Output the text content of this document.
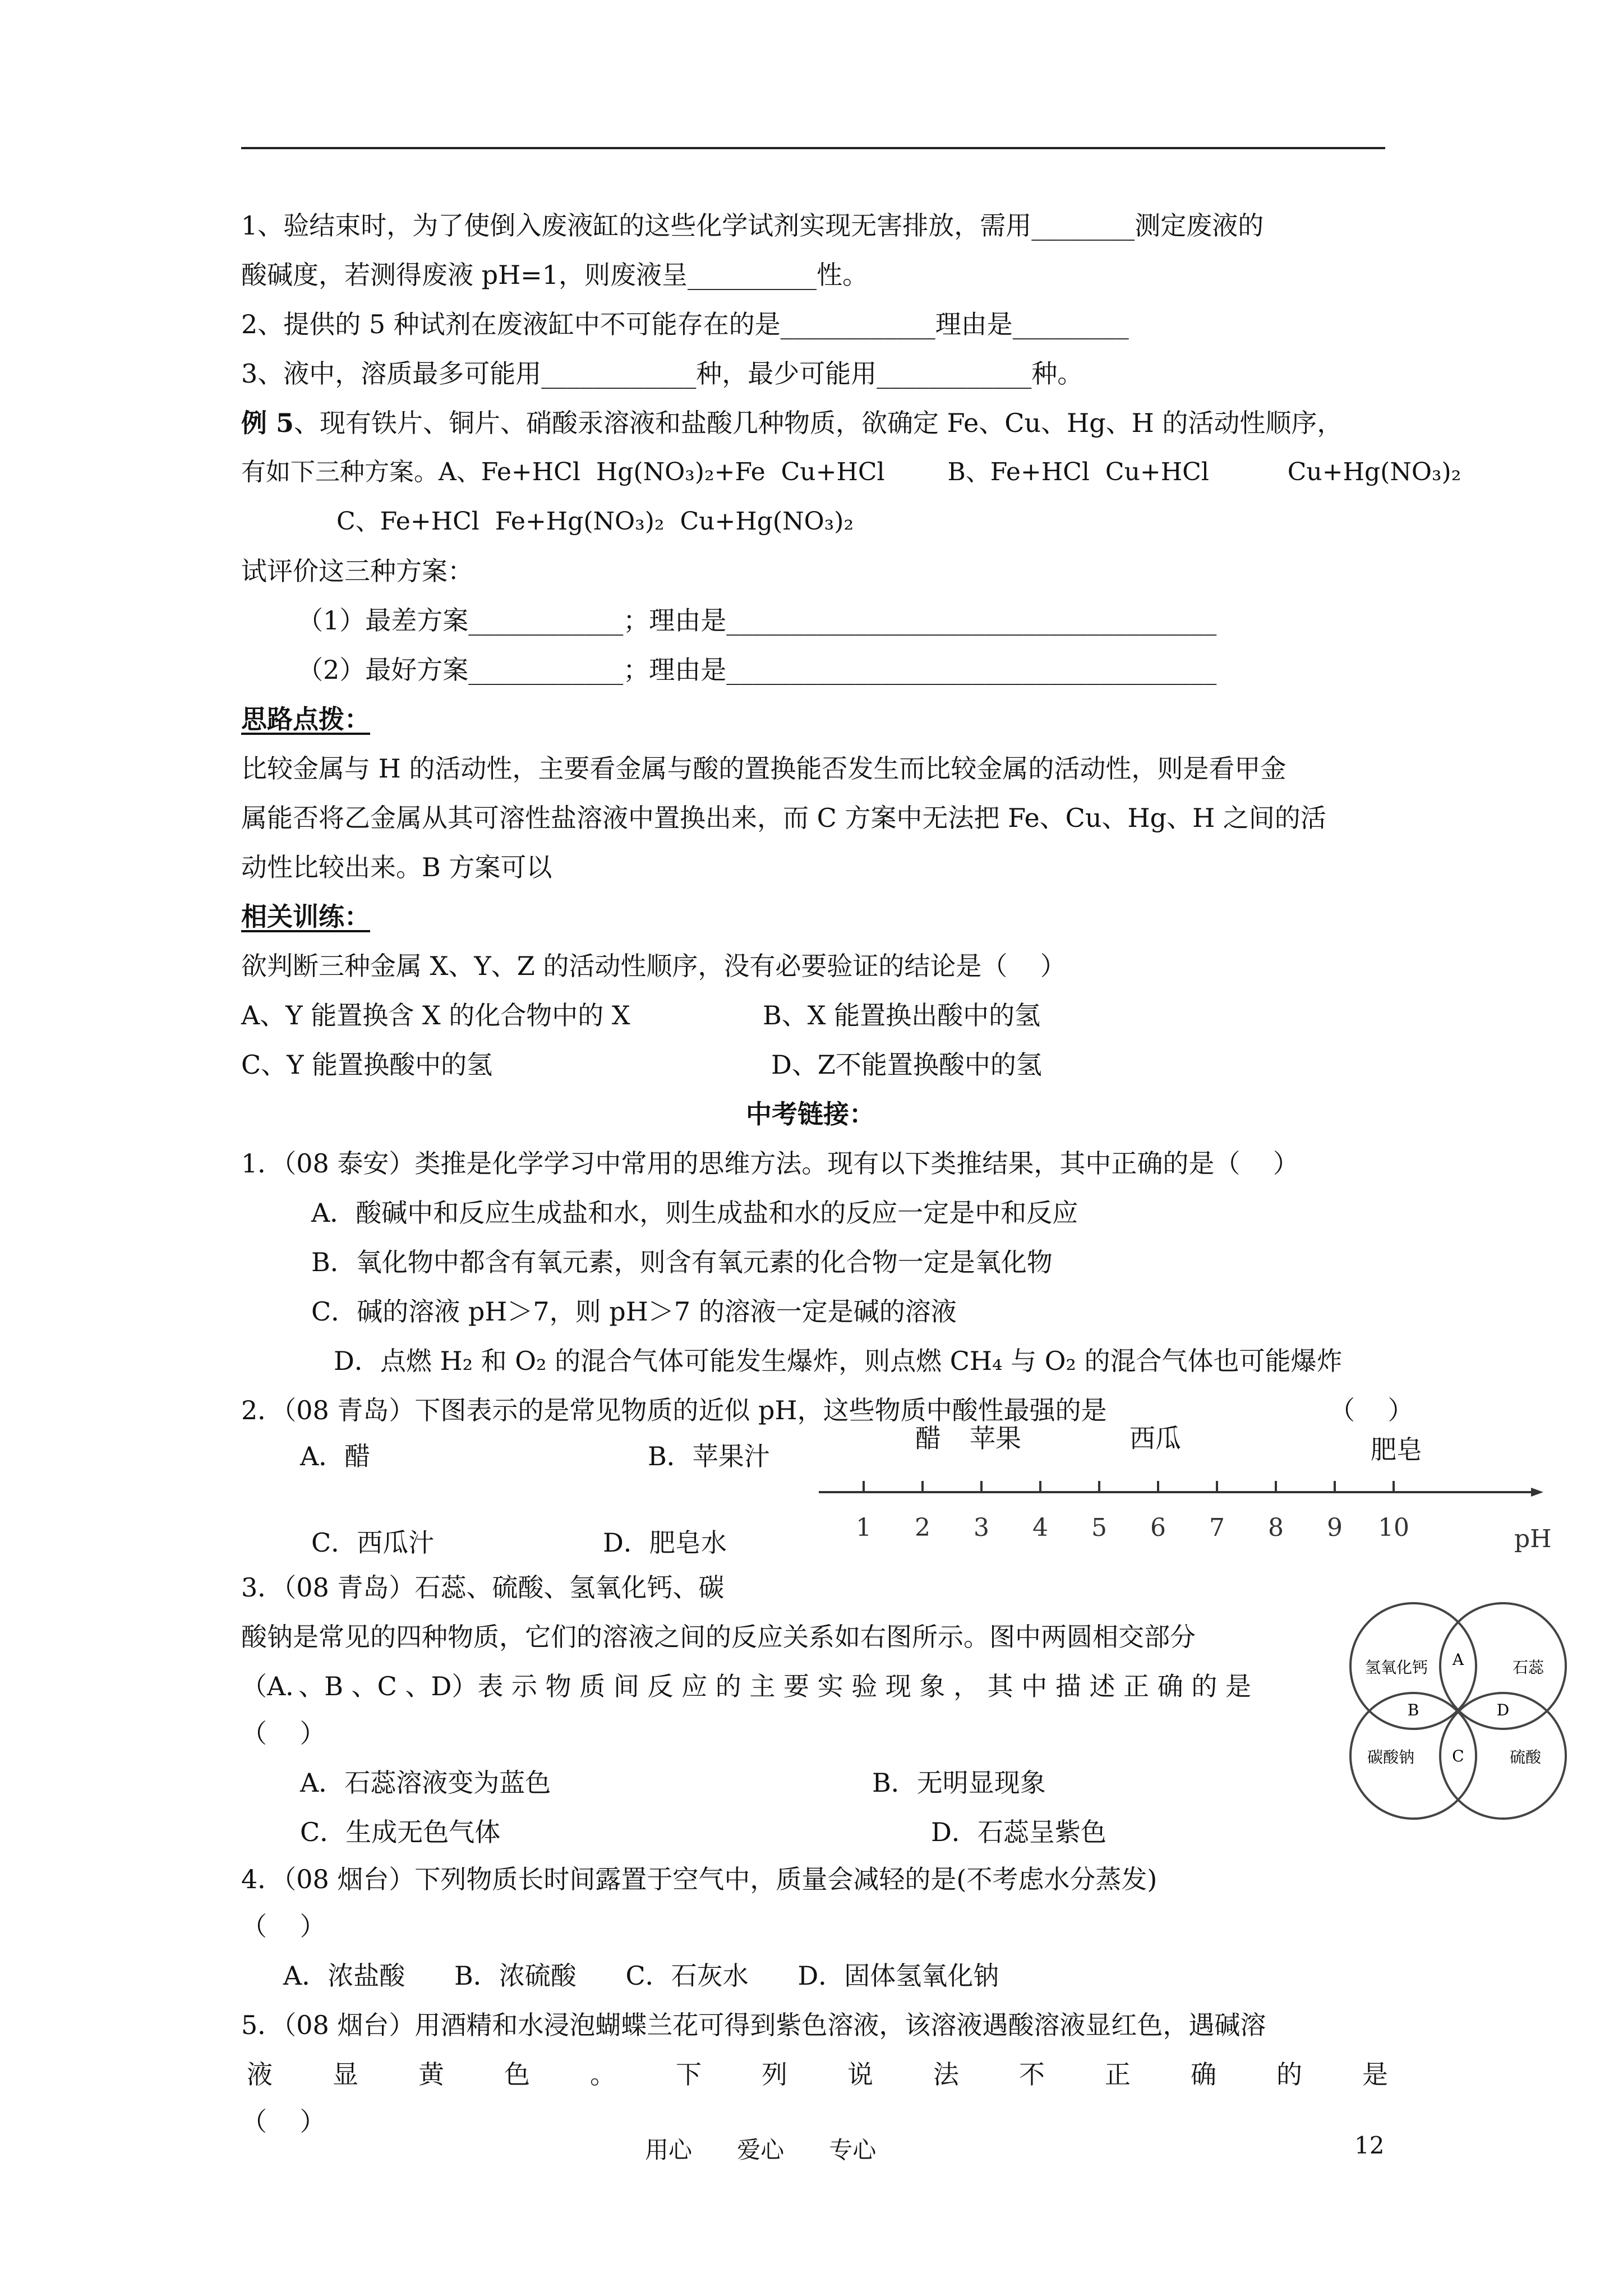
1、验结束时，为了使倒入废液缸的这些化学试剂实现无害排放，需用________测定废液的
酸碱度，若测得废液 pH=1，则废液呈__________性。
2、提供的 5 种试剂在废液缸中不可能存在的是____________理由是_________
3、液中，溶质最多可能用____________种，最少可能用____________种。
例 5、现有铁片、铜片、硝酸汞溶液和盐酸几种物质，欲确定 Fe、Cu、Hg、H 的活动性顺序，
有如下三种方案。A、Fe+HCl  Hg(NO₃)₂+Fe  Cu+HCl        B、Fe+HCl  Cu+HCl          Cu+Hg(NO₃)₂
C、Fe+HCl  Fe+Hg(NO₃)₂  Cu+Hg(NO₃)₂
试评价这三种方案：
（1）最差方案____________；理由是______________________________________
（2）最好方案____________；理由是______________________________________
思路点拨：
比较金属与 H 的活动性，主要看金属与酸的置换能否发生而比较金属的活动性，则是看甲金
属能否将乙金属从其可溶性盐溶液中置换出来，而 C 方案中无法把 Fe、Cu、Hg、H 之间的活
动性比较出来。B 方案可以
相关训练：
欲判断三种金属 X、Y、Z 的活动性顺序，没有必要验证的结论是（    ）
A、Y 能置换含 X 的化合物中的 X	B、X 能置换出酸中的氢
C、Y 能置换酸中的氢	D、Z不能置换酸中的氢
中考链接：
1．（08 泰安）类推是化学学习中常用的思维方法。现有以下类推结果，其中正确的是（    ）
A．酸碱中和反应生成盐和水，则生成盐和水的反应一定是中和反应
B．氧化物中都含有氧元素，则含有氧元素的化合物一定是氧化物
C．碱的溶液 pH＞7，则 pH＞7 的溶液一定是碱的溶液
D．点燃 H₂ 和 O₂ 的混合气体可能发生爆炸，则点燃 CH₄ 与 O₂ 的混合气体也可能爆炸
2．（08 青岛）下图表示的是常见物质的近似 pH，这些物质中酸性最强的是	（    ）
A．醋	B．苹果汁
C．西瓜汁	D．肥皂水
醋 苹果	西瓜	肥皂
1 2 3 4 5 6 7 8 9 10	pH
3．（08 青岛）石蕊、硫酸、氢氧化钙、碳
酸钠是常见的四种物质，它们的溶液之间的反应关系如右图所示。图中两圆相交部分
（A．、B 、C 、D）表 示 物 质 间 反 应 的 主 要 实 验 现 象 ， 其 中 描 述 正 确 的 是
（    ）
A．石蕊溶液变为蓝色	B．无明显现象
C．生成无色气体	D．石蕊呈紫色
氢氧化钙	石蕊
碳酸钠	硫酸
A
B
C
D
4．（08 烟台）下列物质长时间露置于空气中，质量会减轻的是(不考虑水分蒸发)
（    ）
A．浓盐酸      B．浓硫酸      C．石灰水      D．固体氢氧化钠
5．（08 烟台）用酒精和水浸泡蝴蝶兰花可得到紫色溶液，该溶液遇酸溶液显红色，遇碱溶
液 显 黄 色 。 下 列 说 法 不 正 确 的 是
（    ）
用心      爱心      专心	12
